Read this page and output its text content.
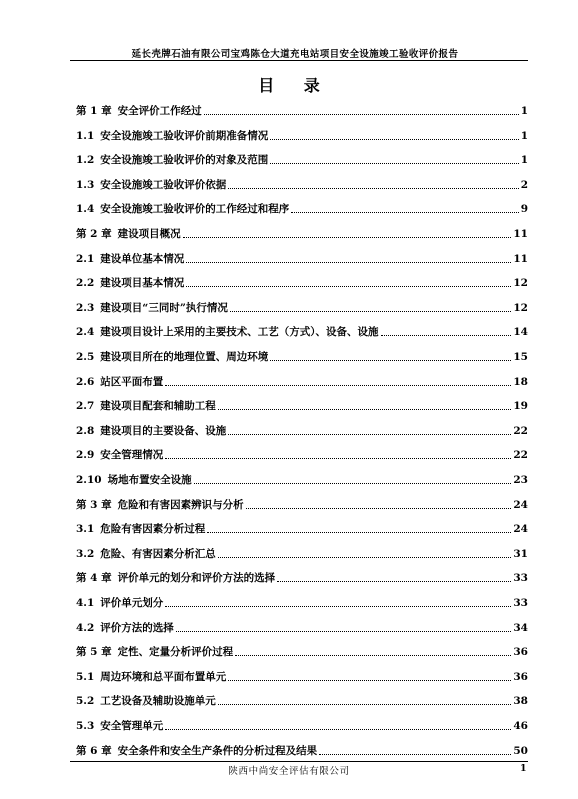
延长壳牌石油有限公司宝鸡陈仓大道充电站项目安全设施竣工验收评价报告
目 录
第 1 章 安全评价工作经过	1
1.1 安全设施竣工验收评价前期准备情况	1
1.2 安全设施竣工验收评价的对象及范围	1
1.3 安全设施竣工验收评价依据	2
1.4 安全设施竣工验收评价的工作经过和程序	9
第 2 章 建设项目概况	11
2.1 建设单位基本情况	11
2.2 建设项目基本情况	12
2.3 建设项目“三同时”执行情况	12
2.4 建设项目设计上采用的主要技术、工艺（方式）、设备、设施	14
2.5 建设项目所在的地理位置、周边环境	15
2.6 站区平面布置	18
2.7 建设项目配套和辅助工程	19
2.8 建设项目的主要设备、设施	22
2.9 安全管理情况	22
2.10 场地布置安全设施	23
第 3 章 危险和有害因素辨识与分析	24
3.1 危险有害因素分析过程	24
3.2 危险、有害因素分析汇总	31
第 4 章 评价单元的划分和评价方法的选择	33
4.1 评价单元划分	33
4.2 评价方法的选择	34
第 5 章 定性、定量分析评价过程	36
5.1 周边环境和总平面布置单元	36
5.2 工艺设备及辅助设施单元	38
5.3 安全管理单元	46
第 6 章 安全条件和安全生产条件的分析过程及结果	50
陕西中尚安全评估有限公司	1
